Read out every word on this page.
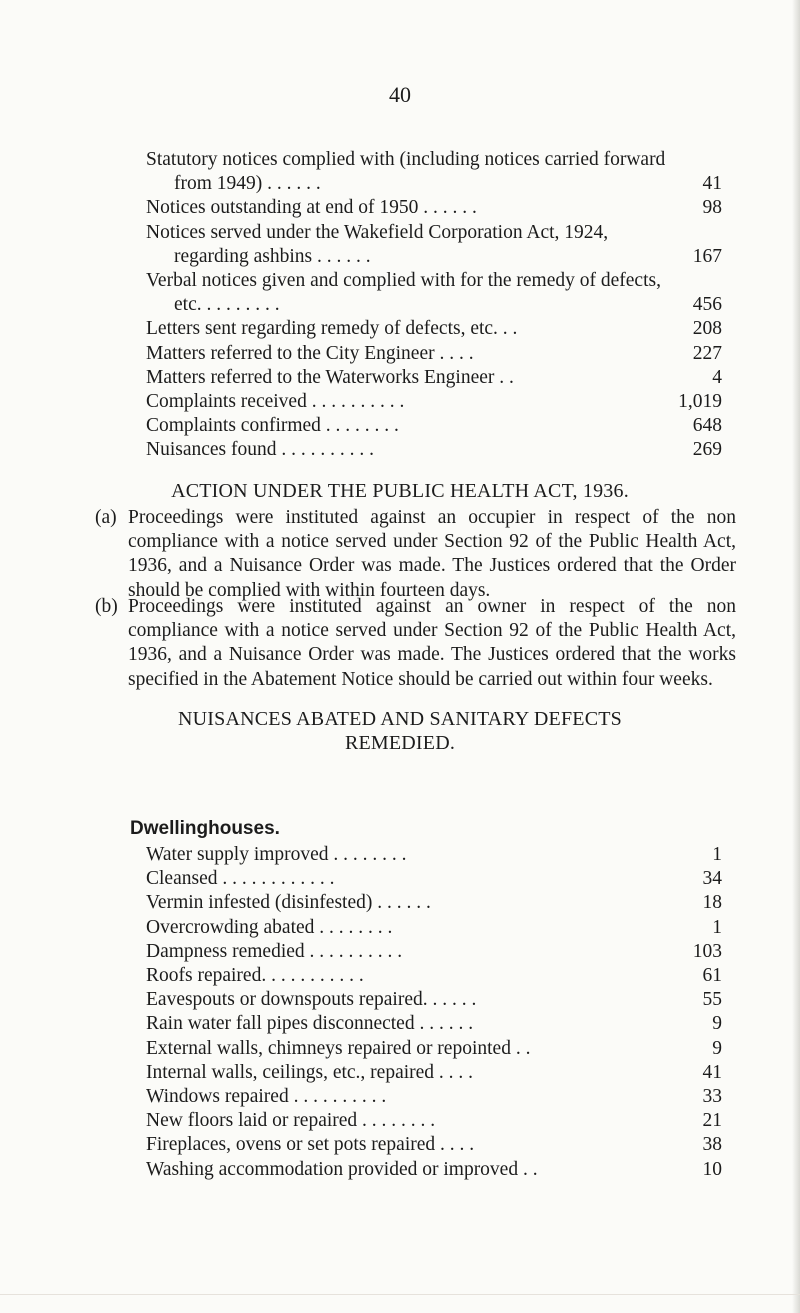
40
Statutory notices complied with (including notices carried forward from 1949) . . . . . .	41
Notices outstanding at end of 1950 . . . . . .	98
Notices served under the Wakefield Corporation Act, 1924, regarding ashbins . . . . . .	167
Verbal notices given and complied with for the remedy of defects, etc. . . . . . . . .	456
Letters sent regarding remedy of defects, etc. . .	208
Matters referred to the City Engineer . . . .	227
Matters referred to the Waterworks Engineer . .	4
Complaints received . . . . . . . . . .	1,019
Complaints confirmed . . . . . . . .	648
Nuisances found . . . . . . . . . .	269
ACTION UNDER THE PUBLIC HEALTH ACT, 1936.
(a) Proceedings were instituted against an occupier in respect of the non compliance with a notice served under Section 92 of the Public Health Act, 1936, and a Nuisance Order was made. The Justices ordered that the Order should be complied with within fourteen days.
(b) Proceedings were instituted against an owner in respect of the non compliance with a notice served under Section 92 of the Public Health Act, 1936, and a Nuisance Order was made. The Justices ordered that the works specified in the Abatement Notice should be carried out within four weeks.
NUISANCES ABATED AND SANITARY DEFECTS
REMEDIED.
Dwellinghouses.
Water supply improved . . . . . . . .	1
Cleansed . . . . . . . . . . . .	34
Vermin infested (disinfested) . . . . . .	18
Overcrowding abated . . . . . . . .	1
Dampness remedied . . . . . . . . . .	103
Roofs repaired. . . . . . . . . . .	61
Eavespouts or downspouts repaired. . . . . .	55
Rain water fall pipes disconnected . . . . . .	9
External walls, chimneys repaired or repointed . .	9
Internal walls, ceilings, etc., repaired . . . .	41
Windows repaired . . . . . . . . . .	33
New floors laid or repaired . . . . . . . .	21
Fireplaces, ovens or set pots repaired . . . .	38
Washing accommodation provided or improved . .	10
